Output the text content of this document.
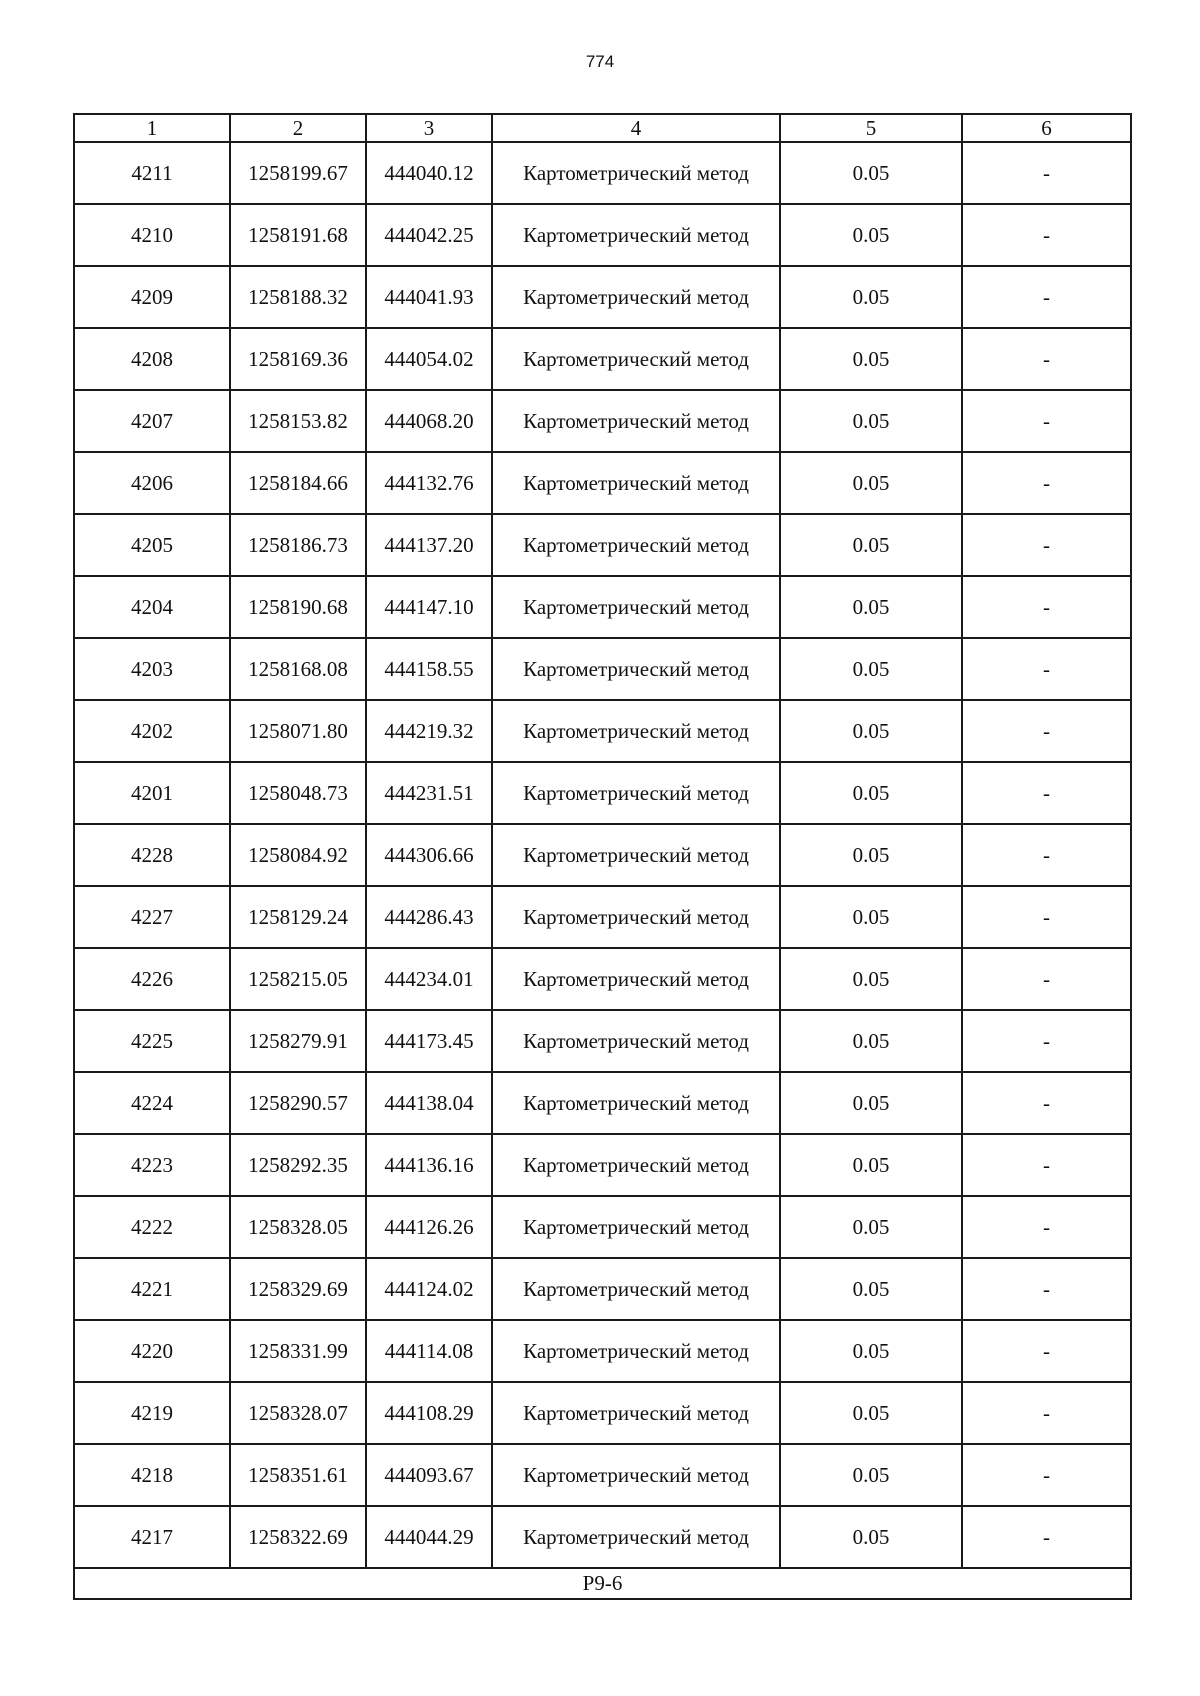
774
1	2	3	4	5	6
4211	1258199.67	444040.12	Картометрический метод	0.05	-
4210	1258191.68	444042.25	Картометрический метод	0.05	-
4209	1258188.32	444041.93	Картометрический метод	0.05	-
4208	1258169.36	444054.02	Картометрический метод	0.05	-
4207	1258153.82	444068.20	Картометрический метод	0.05	-
4206	1258184.66	444132.76	Картометрический метод	0.05	-
4205	1258186.73	444137.20	Картометрический метод	0.05	-
4204	1258190.68	444147.10	Картометрический метод	0.05	-
4203	1258168.08	444158.55	Картометрический метод	0.05	-
4202	1258071.80	444219.32	Картометрический метод	0.05	-
4201	1258048.73	444231.51	Картометрический метод	0.05	-
4228	1258084.92	444306.66	Картометрический метод	0.05	-
4227	1258129.24	444286.43	Картометрический метод	0.05	-
4226	1258215.05	444234.01	Картометрический метод	0.05	-
4225	1258279.91	444173.45	Картометрический метод	0.05	-
4224	1258290.57	444138.04	Картометрический метод	0.05	-
4223	1258292.35	444136.16	Картометрический метод	0.05	-
4222	1258328.05	444126.26	Картометрический метод	0.05	-
4221	1258329.69	444124.02	Картометрический метод	0.05	-
4220	1258331.99	444114.08	Картометрический метод	0.05	-
4219	1258328.07	444108.29	Картометрический метод	0.05	-
4218	1258351.61	444093.67	Картометрический метод	0.05	-
4217	1258322.69	444044.29	Картометрический метод	0.05	-
Р9-6					
